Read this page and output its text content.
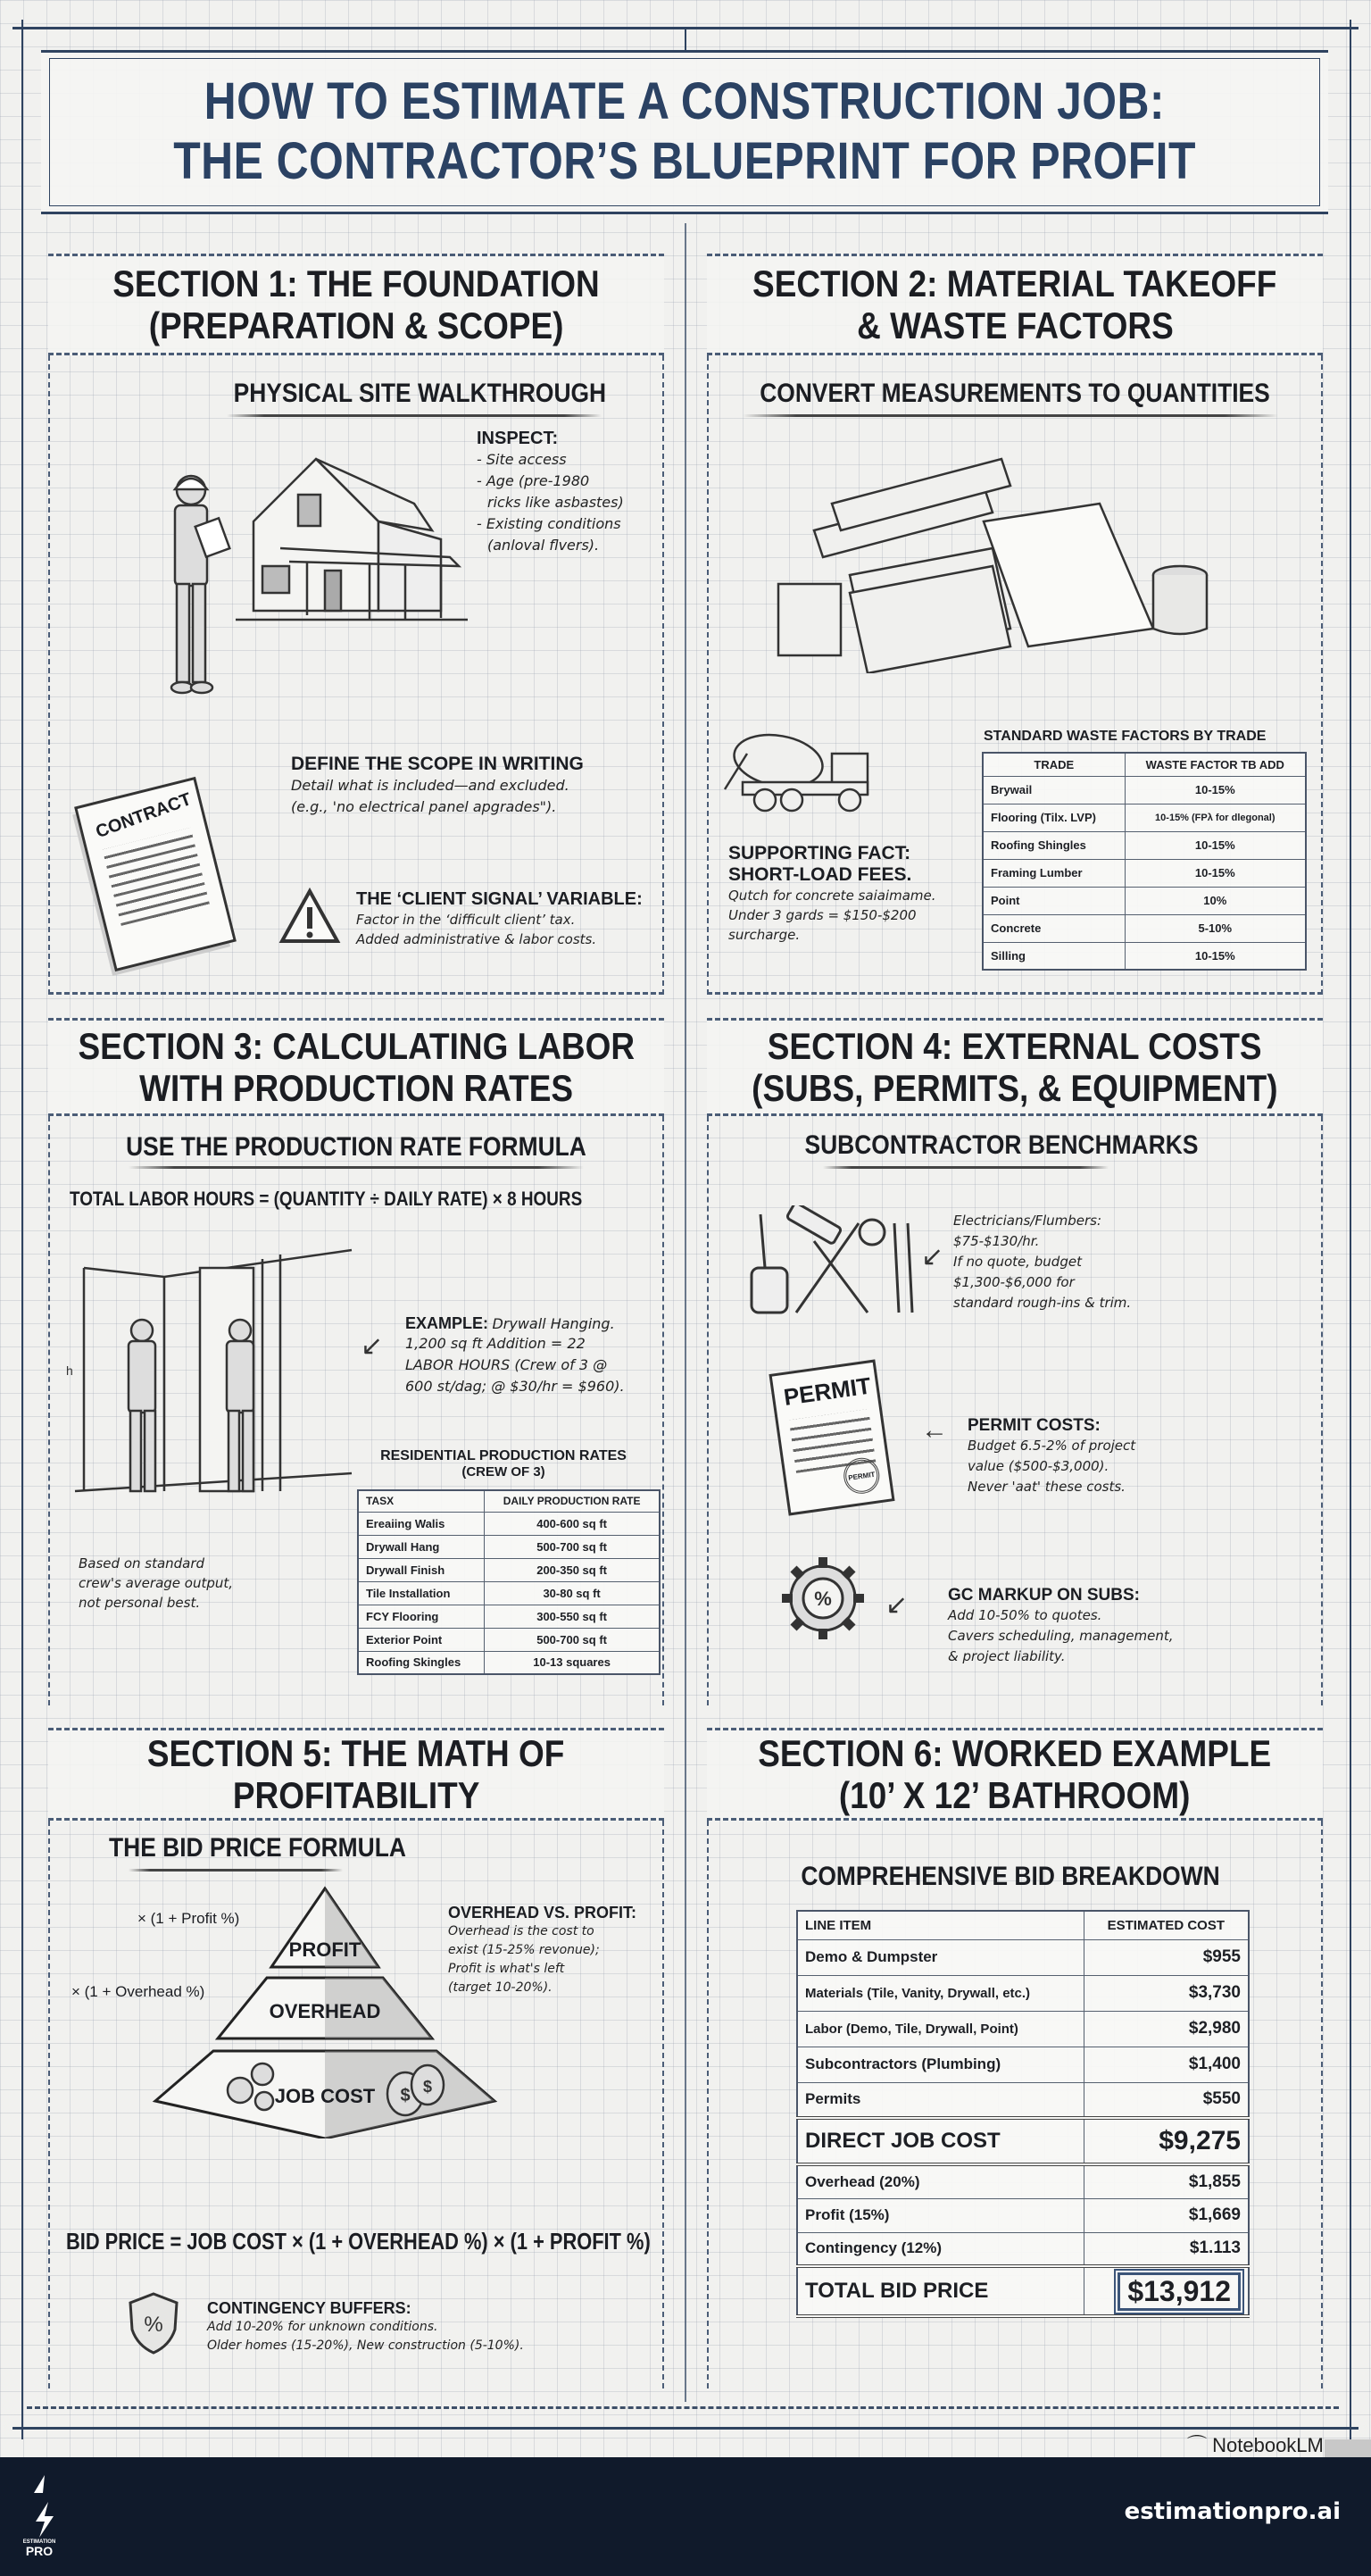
HOW TO ESTIMATE A CONSTRUCTION JOB:
THE CONTRACTOR’S BLUEPRINT FOR PROFIT
SECTION 1: THE FOUNDATION
(PREPARATION & SCOPE)
PHYSICAL SITE WALKTHROUGH
INSPECT:
- Site access
- Age (pre-1980
ricks like asbastes)
- Existing conditions
(anloval flvers).
CONTRACT
DEFINE THE SCOPE IN WRITING
Detail what is included—and excluded.
(e.g., 'no electrical panel apgrades").
THE ‘CLIENT SIGNAL’ VARIABLE:
Factor in the ‘difficult client’ tax.
Added administrative & labor costs.
SECTION 2: MATERIAL TAKEOFF
& WASTE FACTORS
CONVERT MEASUREMENTS TO QUANTITIES
SUPPORTING FACT:
SHORT-LOAD FEES.
Qutch for concrete saiaimame.
Under 3 gards = $150-$200
surcharge.
STANDARD WASTE FACTORS BY TRADE
TRADE	WASTE FACTOR TB ADD
Brywail	10-15%
Flooring (Tilx. LVP)	10-15% (FPλ for dlegonal)
Roofing Shingles	10-15%
Framing Lumber	10-15%
Point	10%
Concrete	5-10%
Silling	10-15%
SECTION 3: CALCULATING LABOR
WITH PRODUCTION RATES
USE THE PRODUCTION RATE FORMULA
TOTAL LABOR HOURS = (QUANTITY ÷ DAILY RATE) × 8 HOURS
h
EXAMPLE: Drywall Hanging.
1,200 sq ft Addition = 22
LABOR HOURS (Crew of 3 @
600 st/dag; @ $30/hr = $960).
↙
Based on standard
crew's average output,
not personal best.
RESIDENTIAL PRODUCTION RATES
(CREW OF 3)
TASX	DAILY PRODUCTION RATE
Ereaiing Walis	400-600 sq ft
Drywall Hang	500-700 sq ft
Drywall Finish	200-350 sq ft
Tile Installation	30-80 sq ft
FCY Flooring	300-550 sq ft
Exterior Point	500-700 sq ft
Roofing Skingles	10-13 squares
SECTION 4: EXTERNAL COSTS
(SUBS, PERMITS, & EQUIPMENT)
SUBCONTRACTOR BENCHMARKS
↙
Electricians/Flumbers:
$75-$130/hr.
If no quote, budget
$1,300-$6,000 for
standard rough-ins & trim.
PERMIT
PERMIT
← PERMIT COSTS:
Budget 6.5-2% of project
value ($500-$3,000).
Never 'aat' these costs.
% ↙ GC MARKUP ON SUBS:
Add 10-50% to quotes.
Cavers scheduling, management,
& project liability.
SECTION 5: THE MATH OF
PROFITABILITY
THE BID PRICE FORMULA
PROFIT
OVERHEAD
JOB COST $ $
× (1 + Profit %)
× (1 + Overhead %)
OVERHEAD VS. PROFIT:
Overhead is the cost to
exist (15-25% revonue);
Profit is what's left
(target 10-20%).
BID PRICE = JOB COST × (1 + OVERHEAD %) × (1 + PROFIT %)
%
CONTINGENCY BUFFERS:
Add 10-20% for unknown conditions.
Older homes (15-20%), New construction (5-10%).
SECTION 6: WORKED EXAMPLE
(10’ X 12’ BATHROOM)
COMPREHENSIVE BID BREAKDOWN
LINE ITEM	ESTIMATED COST
Demo & Dumpster	$955
Materials (Tile, Vanity, Drywall, etc.)	$3,730
Labor (Demo, Tile, Drywall, Point)	$2,980
Subcontractors (Plumbing)	$1,400
Permits	$550
DIRECT JOB COST	$9,275
Overhead (20%)	$1,855
Profit (15%)	$1,669
Contingency (12%)	$1.113
TOTAL BID PRICE	$13,912
⌒ NotebookLM
ESTIMATION
PRO
estimationpro.ai
